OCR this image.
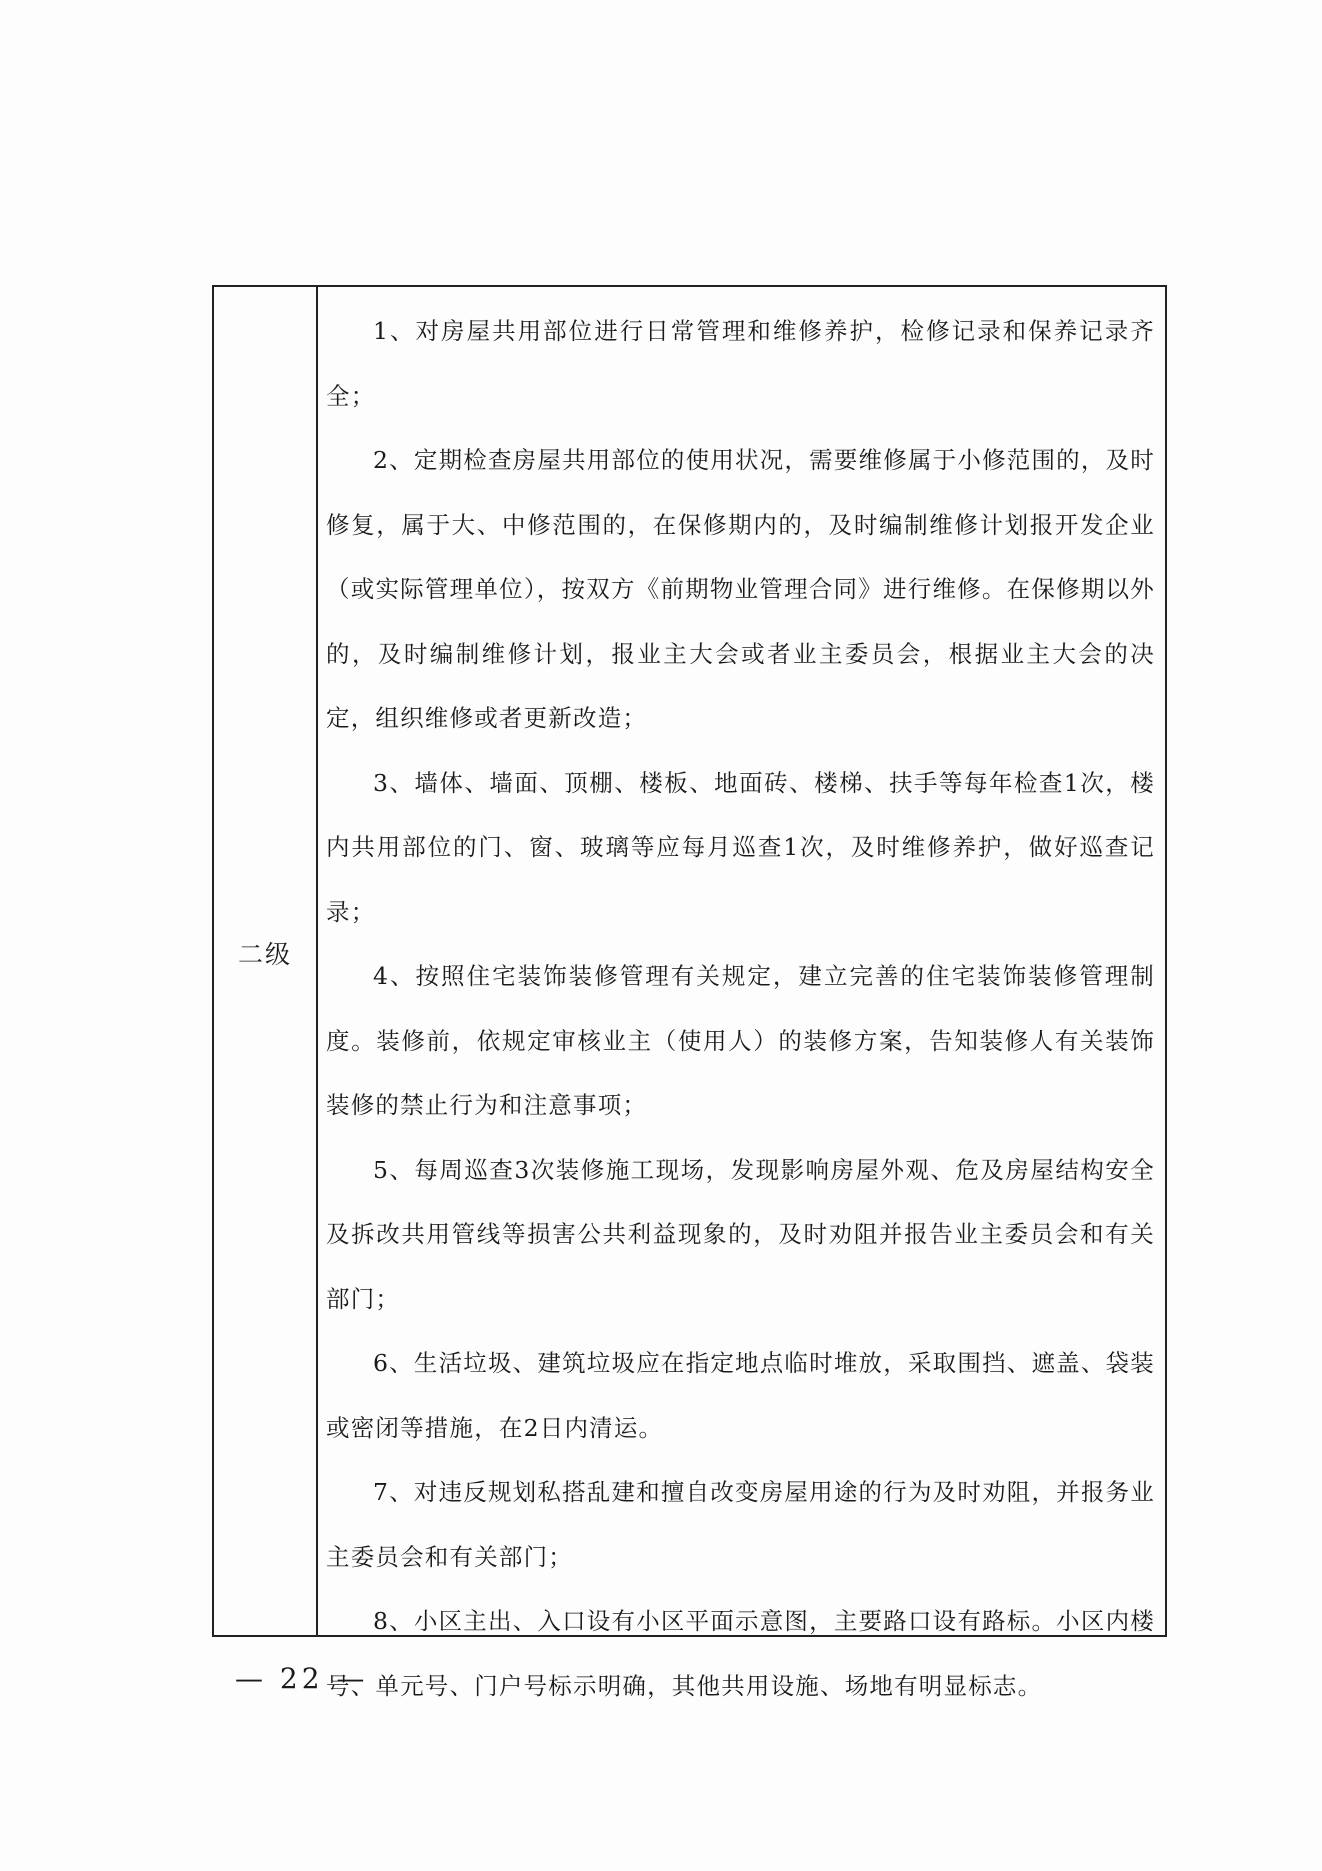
二级

1、对房屋共用部位进行日常管理和维修养护，检修记录和保养记录齐全；

2、定期检查房屋共用部位的使用状况，需要维修属于小修范围的，及时修复，属于大、中修范围的，在保修期内的，及时编制维修计划报开发企业（或实际管理单位），按双方《前期物业管理合同》进行维修。在保修期以外的，及时编制维修计划，报业主大会或者业主委员会，根据业主大会的决定，组织维修或者更新改造；

3、墙体、墙面、顶棚、楼板、地面砖、楼梯、扶手等每年检查1次，楼内共用部位的门、窗、玻璃等应每月巡查1次，及时维修养护，做好巡查记录；

4、按照住宅装饰装修管理有关规定，建立完善的住宅装饰装修管理制度。装修前，依规定审核业主（使用人）的装修方案，告知装修人有关装饰装修的禁止行为和注意事项；

5、每周巡查3次装修施工现场，发现影响房屋外观、危及房屋结构安全及拆改共用管线等损害公共利益现象的，及时劝阻并报告业主委员会和有关部门；

6、生活垃圾、建筑垃圾应在指定地点临时堆放，采取围挡、遮盖、袋装或密闭等措施，在2日内清运。

7、对违反规划私搭乱建和擅自改变房屋用途的行为及时劝阻，并报务业主委员会和有关部门；

8、小区主出、入口设有小区平面示意图，主要路口设有路标。小区内楼号、单元号、门户号标示明确，其他共用设施、场地有明显标志。

— 22 —
